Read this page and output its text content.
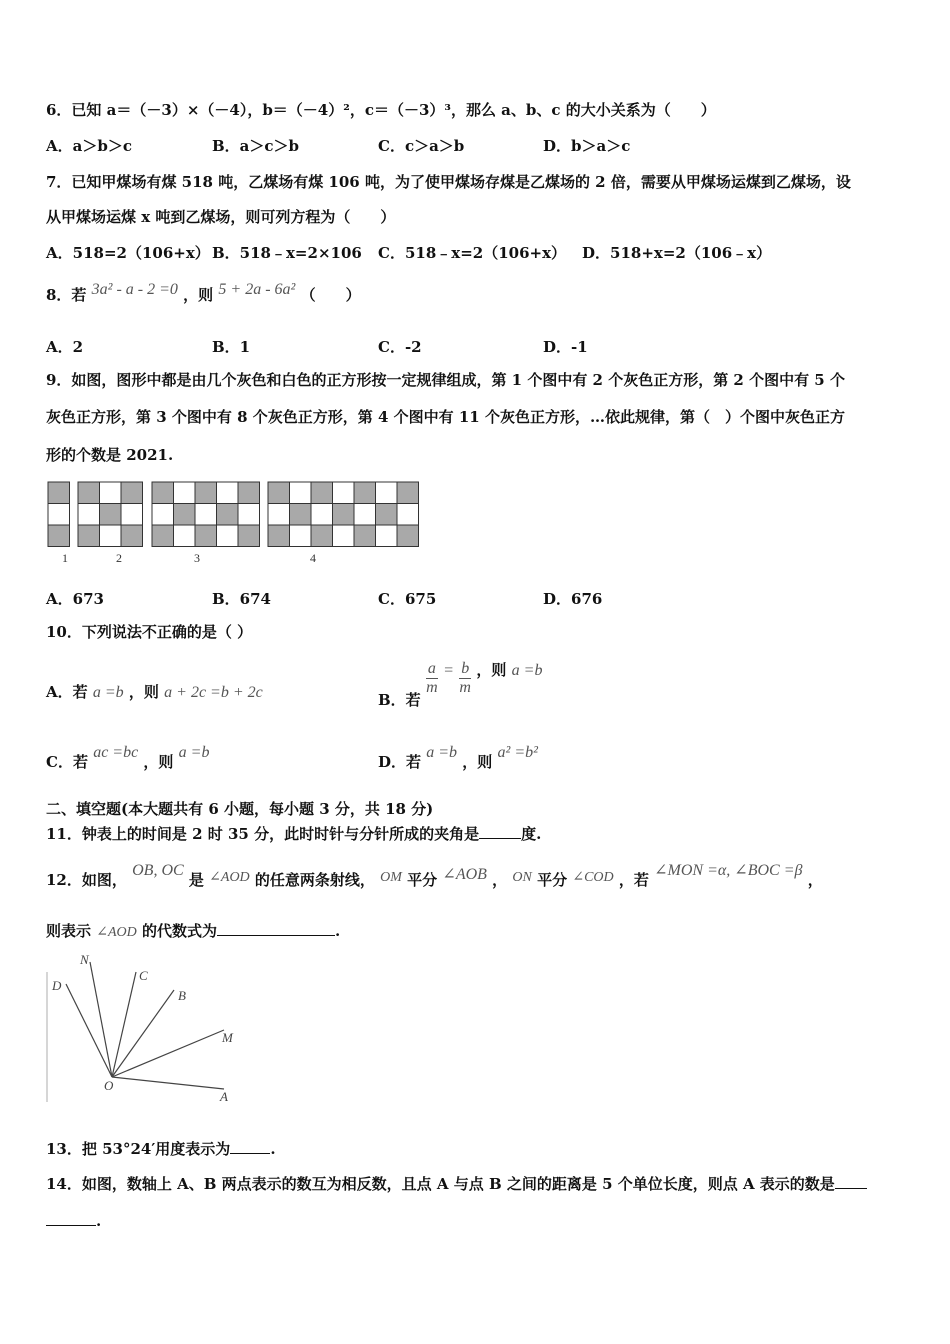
6．已知 a＝（－3）×（－4），b＝（－4）²，c＝（－3）³，那么 a、b、c 的大小关系为（　　）
A．a＞b＞c	B．a＞c＞b	C．c＞a＞b	D．b＞a＞c
7．已知甲煤场有煤 518 吨，乙煤场有煤 106 吨，为了使甲煤场存煤是乙煤场的 2 倍，需要从甲煤场运煤到乙煤场，设
从甲煤场运煤 x 吨到乙煤场，则可列方程为（　　）
A．518=2（106+x） B．518﹣x=2×106 C．518﹣x=2（106+x） D．518+x=2（106﹣x）
8．若 3a² ‑ a ‑ 2 =0 ，则 5 + 2a ‑ 6a² （　　）
A．2	B．1	C．-2	D．-1
9．如图，图形中都是由几个灰色和白色的正方形按一定规律组成，第 1 个图中有 2 个灰色正方形，第 2 个图中有 5 个
灰色正方形，第 3 个图中有 8 个灰色正方形，第 4 个图中有 11 个灰色正方形，…依此规律，第（　）个图中灰色正方
形的个数是 2021.
1	2	3	4
A．673	B．674	C．675	D．676
10．下列说法不正确的是（ ）
A．若 a =b ，则 a + 2c =b + 2c	B．若
$\frac{a}{m} = \frac{b}{m}$ ，则 a =b
C．若 ac =bc ，则 a =b
D．若 a =b ，则 a² =b²
二、填空题(本大题共有 6 小题，每小题 3 分，共 18 分)
11．钟表上的时间是 2 时 35 分，此时时针与分针所成的夹角是	度.
12．如图， OB, OC 是 ∠AOD 的任意两条射线， OM 平分 ∠AOB ， ON 平分 ∠COD ，若 ∠MON =α, ∠BOC =β ，
则表示 ∠AOD 的代数式为	.
N
C
B
D
M
O
A
13．把 53°24′用度表示为	.
14．如图，数轴上 A、B 两点表示的数互为相反数，且点 A 与点 B 之间的距离是 5 个单位长度，则点 A 表示的数是
.
